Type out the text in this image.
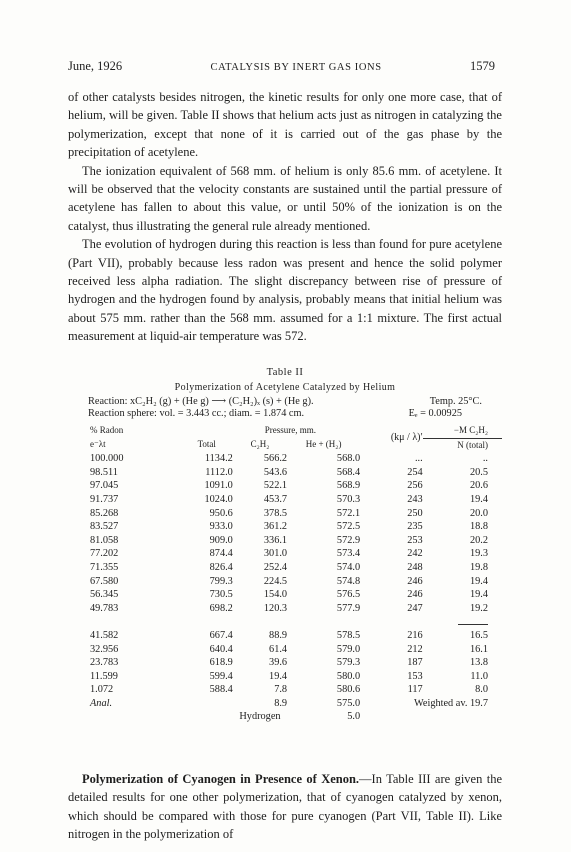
June, 1926	CATALYSIS BY INERT GAS IONS	1579

of other catalysts besides nitrogen, the kinetic results for only one more case, that of helium, will be given. Table II shows that helium acts just as nitrogen in catalyzing the polymerization, except that none of it is carried out of the gas phase by the precipitation of acetylene.

The ionization equivalent of 568 mm. of helium is only 85.6 mm. of acetylene. It will be observed that the velocity constants are sustained until the partial pressure of acetylene has fallen to about this value, or until 50% of the ionization is on the catalyst, thus illustrating the general rule already mentioned.

The evolution of hydrogen during this reaction is less than found for pure acetylene (Part VII), probably because less radon was present and hence the solid polymer received less alpha radiation. The slight discrepancy between rise of pressure of hydrogen and the hydrogen found by analysis, probably means that initial helium was about 575 mm. rather than the 568 mm. assumed for a 1:1 mixture. The first actual measurement at liquid-air temperature was 572.

Table II
Polymerization of Acetylene Catalyzed by Helium
Reaction: xC₂H₂ (g) + (He g) ⟶ (C₂H₂)ₓ (s) + (He g).	Temp. 25°C.
Reaction sphere: vol. = 3.443 cc.; diam. = 1.874 cm.	Eₑ = 0.00925
% Radon	Pressure, mm.			(kμ / λ)′	−M C₂H₂
e⁻λt	Total	C₂H₂	He + (H₂)		N (total)
100.000	1134.2	566.2	568.0	...	..
98.511	1112.0	543.6	568.4	254	20.5
97.045	1091.0	522.1	568.9	256	20.6
91.737	1024.0	453.7	570.3	243	19.4
85.268	950.6	378.5	572.1	250	20.0
83.527	933.0	361.2	572.5	235	18.8
81.058	909.0	336.1	572.9	253	20.2
77.202	874.4	301.0	573.4	242	19.3
71.355	826.4	252.4	574.0	248	19.8
67.580	799.3	224.5	574.8	246	19.4
56.345	730.5	154.0	576.5	246	19.4
49.783	698.2	120.3	577.9	247	19.2

41.582	667.4	88.9	578.5	216	16.5
32.956	640.4	61.4	579.0	212	16.1
23.783	618.9	39.6	579.3	187	13.8
11.599	599.4	19.4	580.0	153	11.0
1.072	588.4	7.8	580.6	117	8.0
Anal.		8.9	575.0	Weighted av. 19.7	
		Hydrogen	5.0		

Polymerization of Cyanogen in Presence of Xenon.—In Table III are given the detailed results for one other polymerization, that of cyanogen catalyzed by xenon, which should be compared with those for pure cyanogen (Part VII, Table II). Like nitrogen in the polymerization of
